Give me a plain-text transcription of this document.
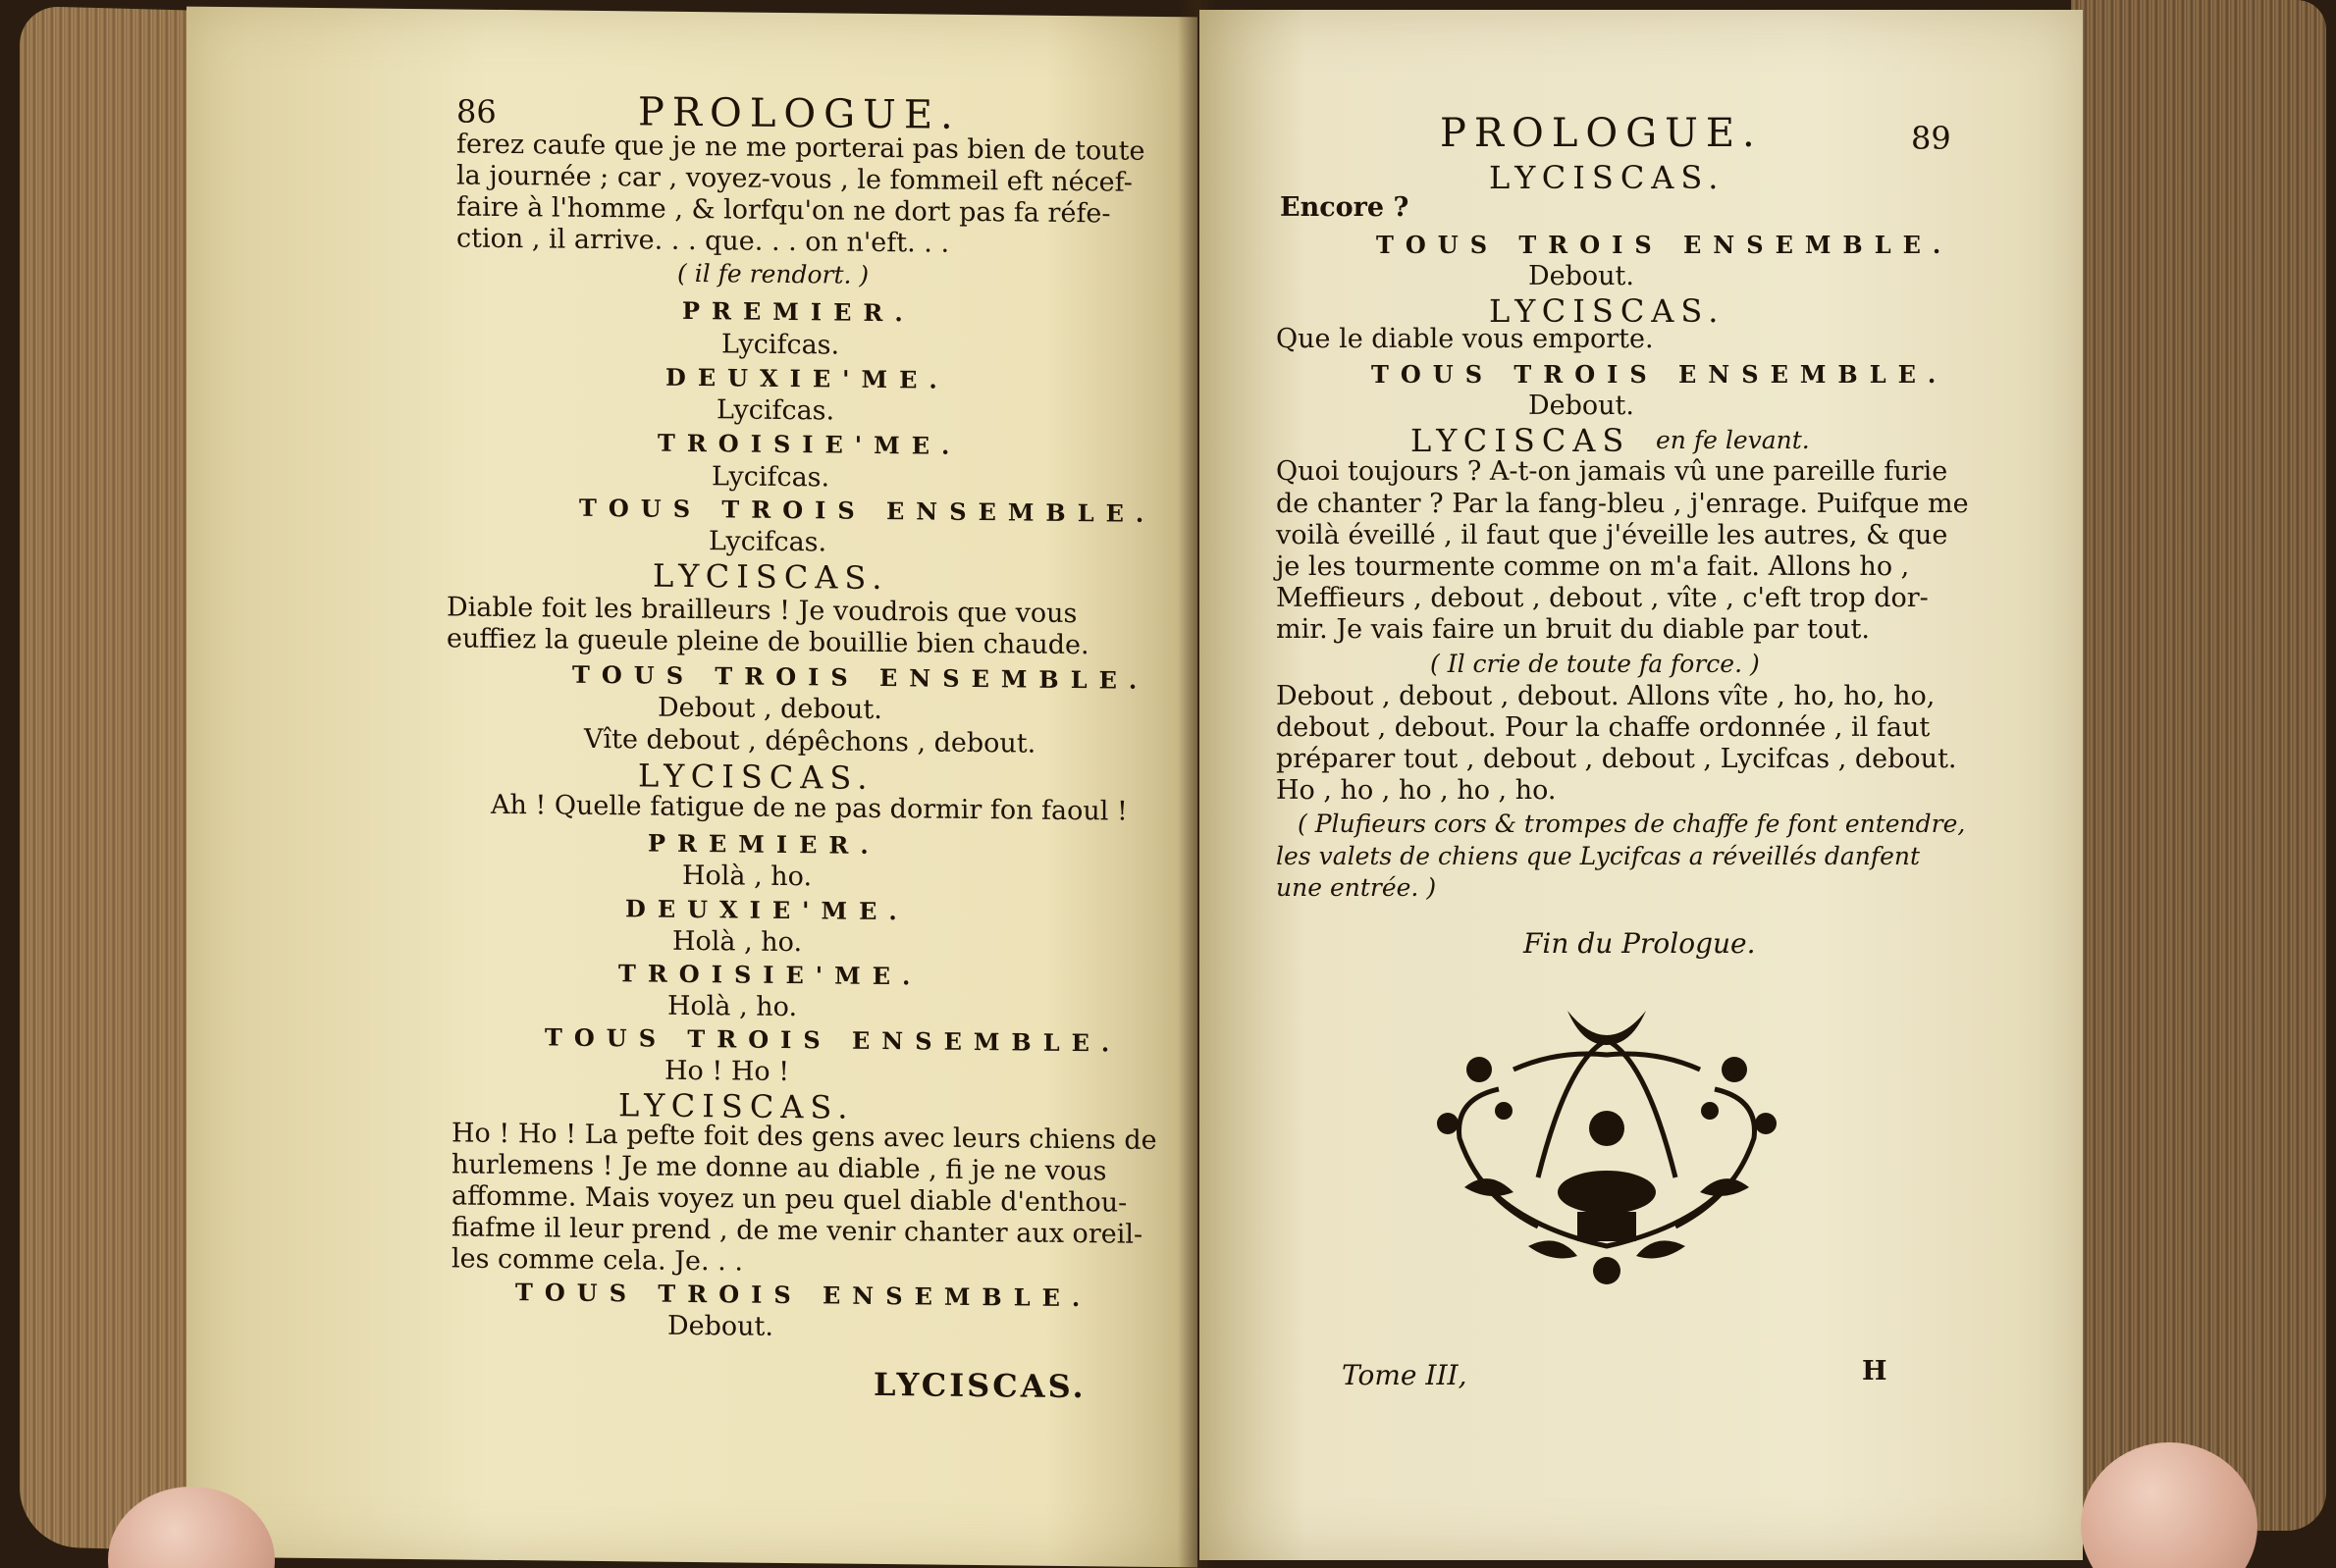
86	PROLOGUE.
ferez caufe que je ne me porterai pas bien de toute
la journée ; car , voyez-vous , le fommeil eft nécef-
faire à l'homme , & lorfqu'on ne dort pas fa réfe-
ction , il arrive. . . que. . . on n'eft. . .
( il fe rendort. )
PREMIER.
Lycifcas.
DEUXIE'ME.
Lycifcas.
TROISIE'ME.
Lycifcas.
TOUS TROIS ENSEMBLE.
Lycifcas.
LYCISCAS.
Diable foit les brailleurs ! Je voudrois que vous
euffiez la gueule pleine de bouillie bien chaude.
TOUS TROIS ENSEMBLE.
Debout , debout.
Vîte debout , dépêchons , debout.
LYCISCAS.
Ah ! Quelle fatigue de ne pas dormir fon faoul !
PREMIER.
Holà , ho.
DEUXIE'ME.
Holà , ho.
TROISIE'ME.
Holà , ho.
TOUS TROIS ENSEMBLE.
Ho ! Ho !
LYCISCAS.
Ho ! Ho ! La pefte foit des gens avec leurs chiens de
hurlemens ! Je me donne au diable , fi je ne vous
affomme. Mais voyez un peu quel diable d'enthou-
fiafme il leur prend , de me venir chanter aux oreil-
les comme cela. Je. . .
TOUS TROIS ENSEMBLE.
Debout.
LYCISCAS.
PROLOGUE.	89
LYCISCAS.
Encore ?
TOUS TROIS ENSEMBLE.
Debout.
LYCISCAS.
Que le diable vous emporte.
TOUS TROIS ENSEMBLE.
Debout.
LYCISCAS en fe levant.
Quoi toujours ? A-t-on jamais vû une pareille furie
de chanter ? Par la fang-bleu , j'enrage. Puifque me
voilà éveillé , il faut que j'éveille les autres, & que
je les tourmente comme on m'a fait. Allons ho ,
Meffieurs , debout , debout , vîte , c'eft trop dor-
mir. Je vais faire un bruit du diable par tout.
( Il crie de toute fa force. )
Debout , debout , debout. Allons vîte , ho, ho, ho,
debout , debout. Pour la chaffe ordonnée , il faut
préparer tout , debout , debout , Lycifcas , debout.
Ho , ho , ho , ho , ho.
( Plufieurs cors & trompes de chaffe fe font entendre,
les valets de chiens que Lycifcas a réveillés danfent
une entrée. )
Fin du Prologue.
Tome III,	H
